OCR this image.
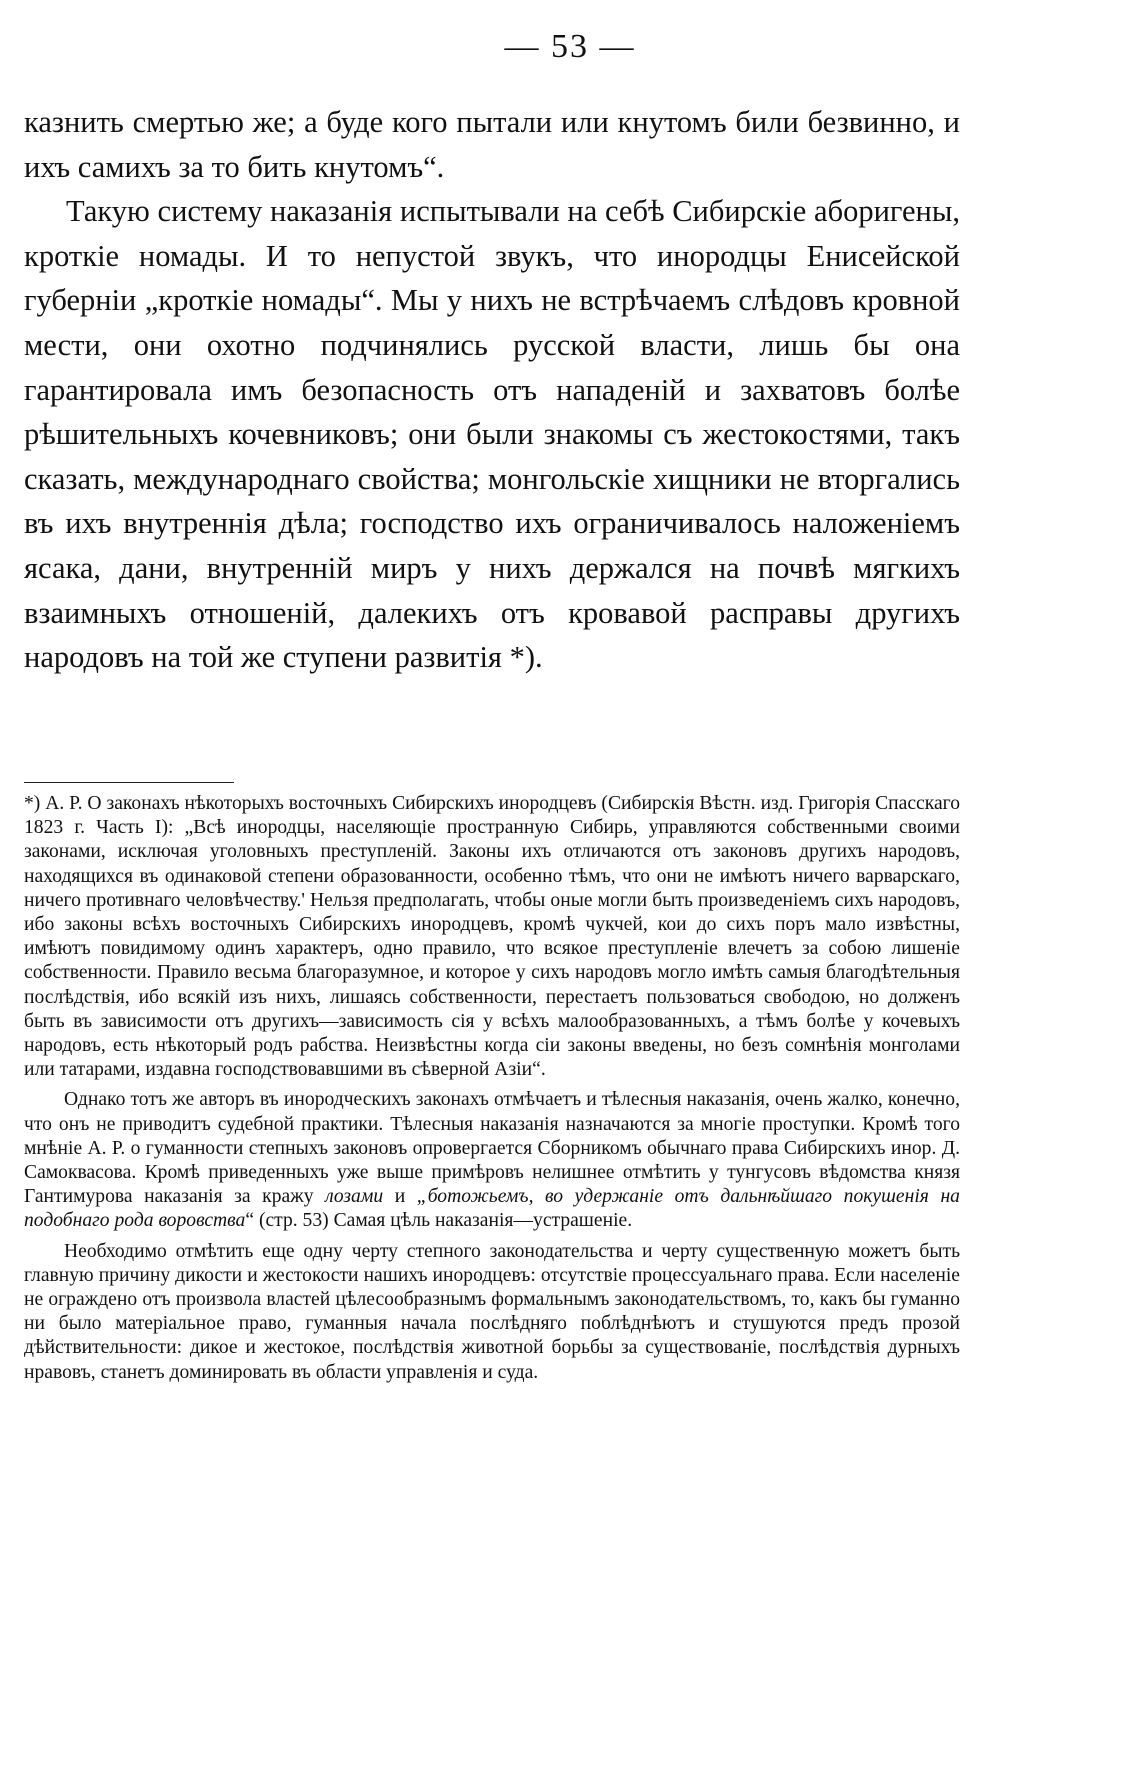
— 53 —

казнить смертью же; а буде кого пытали или кнутомъ били безвинно, и ихъ самихъ за то бить кнутомъ“.

Такую систему наказанія испытывали на себѣ Сибирскіе аборигены, кроткіе номады. И то непустой звукъ, что инородцы Енисейской губерніи „кроткіе номады“. Мы у нихъ не встрѣчаемъ слѣдовъ кровной мести, они охотно подчинялись русской власти, лишь бы она гарантировала имъ безопасность отъ нападеній и захватовъ болѣе рѣшительныхъ кочевниковъ; они были знакомы съ жестокостями, такъ сказать, международнаго свойства; монгольскіе хищники не вторгались въ ихъ внутреннія дѣла; господство ихъ ограничивалось наложеніемъ ясака, дани, внутренній миръ у нихъ держался на почвѣ мягкихъ взаимныхъ отношеній, далекихъ отъ кровавой расправы другихъ народовъ на той же ступени развитія *).

*) А. Р. О законахъ нѣкоторыхъ восточныхъ Сибирскихъ инородцевъ (Сибирскія Вѣстн. изд. Григорія Спасскаго 1823 г. Часть I): „Всѣ инородцы, населяющіе пространную Сибирь, управляются собственными своими законами, исключая уголовныхъ преступленій. Законы ихъ отличаются отъ законовъ другихъ народовъ, находящихся въ одинаковой степени образованности, особенно тѣмъ, что они не имѣютъ ничего варварскаго, ничего противнаго человѣчеству.' Нельзя предполагать, чтобы оные могли быть произведеніемъ сихъ народовъ, ибо законы всѣхъ восточныхъ Сибирскихъ инородцевъ, кромѣ чукчей, кои до сихъ поръ мало извѣстны, имѣютъ повидимому одинъ характеръ, одно правило, что всякое преступленіе влечетъ за собою лишеніе собственности. Правило весьма благоразумное, и которое у сихъ народовъ могло имѣть самыя благодѣтельныя послѣдствія, ибо всякій изъ нихъ, лишаясь собственности, перестаетъ пользоваться свободою, но долженъ быть въ зависимости отъ другихъ—зависимость сія у всѣхъ малообразованныхъ, а тѣмъ болѣе у кочевыхъ народовъ, есть нѣкоторый родъ рабства. Неизвѣстны когда сіи законы введены, но безъ сомнѣнія монголами или татарами, издавна господствовавшими въ сѣверной Азіи“.

Однако тотъ же авторъ въ инородческихъ законахъ отмѣчаетъ и тѣлесныя наказанія, очень жалко, конечно, что онъ не приводитъ судебной практики. Тѣлесныя наказанія назначаются за многіе проступки. Кромѣ того мнѣніе А. Р. о гуманности степныхъ законовъ опровергается Сборникомъ обычнаго права Сибирскихъ инор. Д. Самоквасова. Кромѣ приведенныхъ уже выше примѣровъ нелишнее отмѣтить у тунгусовъ вѣдомства князя Гантимурова наказанія за кражу лозами и „ботожьемъ, во удержаніе отъ дальнѣйшаго покушенія на подобнаго рода воровства“ (стр. 53) Самая цѣль наказанія—устрашеніе.

Необходимо отмѣтить еще одну черту степного законодательства и черту существенную можетъ быть главную причину дикости и жестокости нашихъ инородцевъ: отсутствіе процессуальнаго права. Если населеніе не ограждено отъ произвола властей цѣлесообразнымъ формальнымъ законодательствомъ, то, какъ бы гуманно ни было матеріальное право, гуманныя начала послѣдняго поблѣднѣютъ и стушуются предъ прозой дѣйствительности: дикое и жестокое, послѣдствія животной борьбы за существованіе, послѣдствія дурныхъ нравовъ, станетъ доминировать въ области управленія и суда.
